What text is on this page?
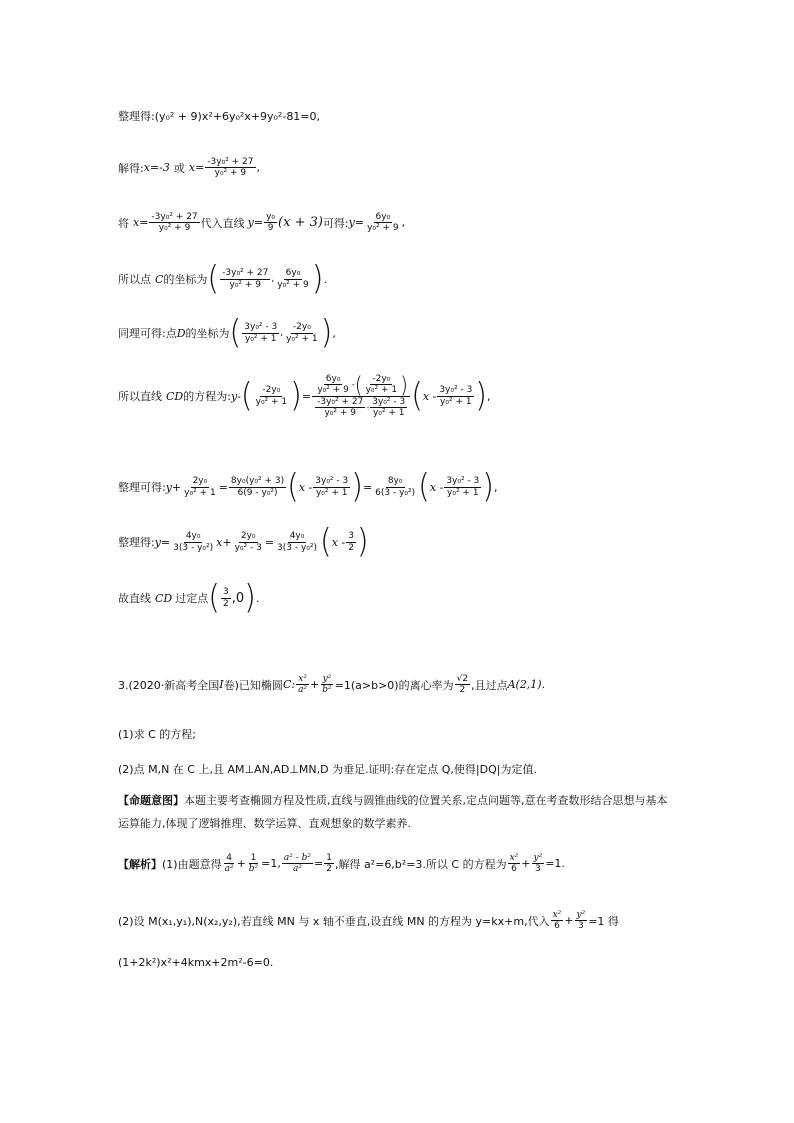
整理得:(y₀² + 9)x²+6y₀²x+9y₀²-81=0,
解得: x=-3 或 $x= \frac{\text{-3y₀² + 27}}{\text{y₀² + 9}}$ ,
将 $x= \frac{\text{-3y₀² + 27}}{\text{y₀² + 9}}$ 代入直线 $y= \frac{\text{y₀}}{9} (x + 3)$ 可得: $y= \frac{\text{6y₀}}{\text{y₀² + 9}}$ ,
所以点 C 的坐标为 ( $\frac{\text{-3y₀² + 27}}{\text{y₀² + 9}}$ , $\frac{\text{6y₀}}{\text{y₀² + 9}}$ ) .
同理可得:点 D 的坐标为 ( $\frac{\text{3y₀² - 3}}{\text{y₀² + 1}}$ , $\frac{\text{-2y₀}}{\text{y₀² + 1}}$ ) ,
所以直线 CD 的方程为: y- ( $\frac{\text{-2y₀}}{\text{y₀² + 1}}$ ) = $\frac{\frac{\text{6y₀}}{\text{y₀² + 9}} - ( \frac{\text{-2y₀}}{\text{y₀² + 1}} )}{\frac{\text{-3y₀² + 27}}{\text{y₀² + 9}} - \frac{\text{3y₀² - 3}}{\text{y₀² + 1}}}$ ( x - $\frac{\text{3y₀² - 3}}{\text{y₀² + 1}}$ ) ,
整理可得: $y+ \frac{\text{2y₀}}{\text{y₀² + 1}} = \frac{\text{8y₀(y₀² + 3)}}{\text{6(9 - y₀²)}}$ ( x - $\frac{\text{3y₀² - 3}}{\text{y₀² + 1}}$ ) = $\frac{\text{8y₀}}{\text{6(3 - y₀²)}}$ ( x - $\frac{\text{3y₀² - 3}}{\text{y₀² + 1}}$ ) ,
整理得: $y= \frac{\text{4y₀}}{\text{3(3 - y₀²)}} x+ \frac{\text{2y₀}}{\text{y₀² - 3}} = \frac{\text{4y₀}}{\text{3(3 - y₀²)}}$ ( x - $\frac{3}{2}$ )
故直线 CD 过定点 ( $\frac{3}{2} ,0$ ) .
3.(2020·新高考全国 I 卷)已知椭圆 C: $\frac{\text{x²}}{\text{a²}} + \frac{\text{y²}}{\text{b²}} =1(a>b>0)$的离心率为 $\frac{√2}{2}$ ,且过点 A(2,1).
(1)求 C 的方程;
(2)点 M,N 在 C 上,且 AM⊥AN,AD⊥MN,D 为垂足.证明:存在定点 Q,使得|DQ|为定值.
【命题意图】本题主要考查椭圆方程及性质,直线与圆锥曲线的位置关系,定点问题等,意在考查数形结合思想与基本运算能力,体现了逻辑推理、数学运算、直观想象的数学素养.
【解析】 (1)由题意得 $\frac{4}{\text{a²}} + \frac{1}{\text{b²}} =1$, $\frac{\text{a² - b²}}{\text{a²}} = \frac{1}{2}$ ,解得 a²=6,b²=3.所以 C 的方程为 $\frac{\text{x²}}{6} + \frac{\text{y²}}{3} =1$.
(2)设 M(x₁,y₁),N(x₂,y₂),若直线 MN 与 x 轴不垂直,设直线 MN 的方程为 y=kx+m,代入 $\frac{\text{x²}}{6} + \frac{\text{y²}}{3} =1$ 得
(1+2k²)x²+4kmx+2m²-6=0.
